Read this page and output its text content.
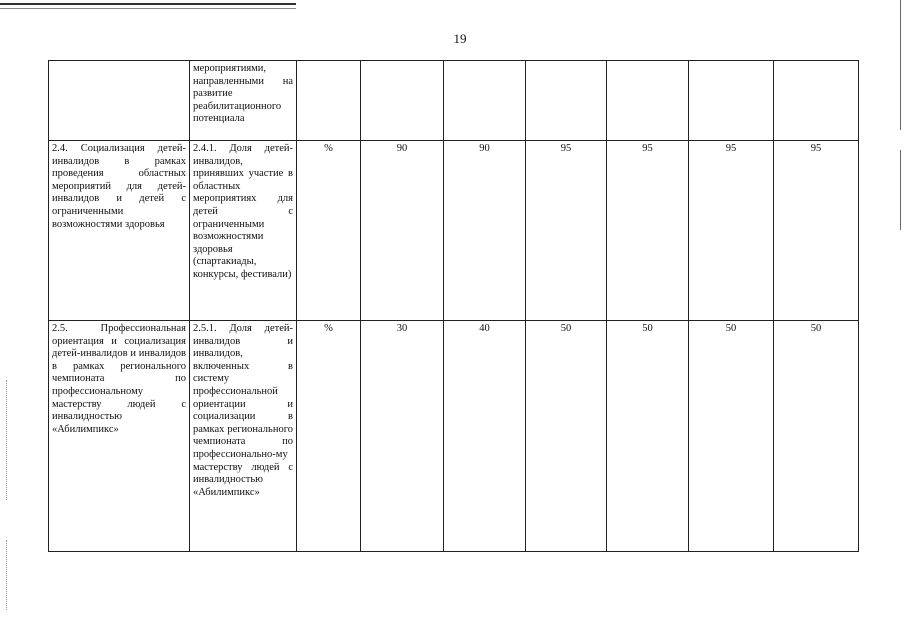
19
	мероприятиями, направленными на развитие реабилитационного потенциала							
2.4. Социализация детей-инвалидов в рамках проведения областных мероприятий для детей-инвалидов и детей с ограниченными возможностями здоровья	2.4.1. Доля детей-инвалидов, принявших участие в областных мероприятиях для детей с ограниченными возможностями здоровья (спартакиады, конкурсы, фестивали)	%	90	90	95	95	95	95
2.5. Профессиональная ориентация и социализация детей-инвалидов и инвалидов в рамках регионального чемпионата по профессиональному мастерству людей с инвалидностью «Абилимпикс»	2.5.1. Доля детей-инвалидов и инвалидов, включенных в систему профессиональной ориентации и социализации в рамках регионального чемпионата по профессионально-му мастерству людей с инвалидностью «Абилимпикс»	%	30	40	50	50	50	50
